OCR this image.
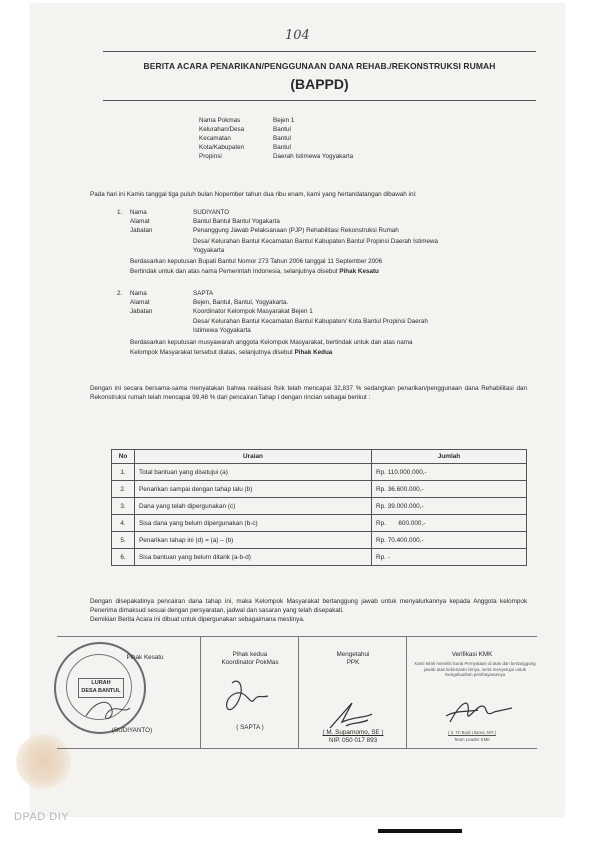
104
BERITA ACARA PENARIKAN/PENGGUNAAN DANA REHAB./REKONSTRUKSI RUMAH
(BAPPD)
Nama Pokmas	Bejen 1
Kelurahan/Desa	Bantul
Kecamatan	Bantul
Kota/Kabupaten	Bantul
Propinsi	Daerah Istimewa Yogyakarta
Pada hari ini Kamis tanggal tiga puluh bulan Nopember tahun dua ribu enam, kami yang hertandatangan dibawah ini:
1. Nama	SUDIYANTO
Alamat	Bantul Bantul Bantul Yogakarta
Jabatan	Penanggung Jawab Pelaksanaan (PJP) Rehabilitasi Rekonstruksi Rumah
Desa/ Kelurahan Bantul Kecamatan Bantul Kabupaten Bantul Propinsi Daerah Istimewa
Yogyakarta
Berdasarkan keputusan Bupati Bantul Nomor 273 Tahun 2006 tanggal 11 September 2006
Bertindak untuk dan atas nama Pemerintah Indonesia, selanjutnya disebut Pihak Kesatu
2. Nama	SAPTA
Alamat	Bejen, Bantul, Bantul, Yogyakarta.
Jabatan	Koordinator Kelompok Masyarakat Bejen 1
Desa/ Kelurahan Bantul Kecamatan Bantul Kabupaten/ Kota Bantul Propinsi Daerah
Istimewa Yogyakarta
Berdasarkan keputusan musyawarah anggota Kelompok Masyarakat, bertindak untuk dan atas nama
Kelompok Masyarakat tersebut diatas, selanjutnya disebut Pihak Kedua
Dengan ini secara bersama-sama menyatakan bahwa realisasi fisik telah mencapai 32,837 % sedangkan penarikan/penggunaan dana Rehabilitasi dan Rekonstruksi rumah telah mencapai 99,48 % dari pencairan Tahap I dengan rincian sebagai berikut :
No	Uraian	Jumlah
1.	Total bantuan yang disetujui (a)	Rp. 110.000.000,-
2.	Penarikan sampai dengan tahap lalu (b)	Rp. 36.600.000,-
3.	Dana yang telah dipergunakan (c)	Rp. 39.000.000,-
4.	Sisa dana yang belum dipergunakan (b-c)	Rp.       600.000,-
5.	Penarikan tahap ini (d) = (a) – (b)	Rp. 70.400.000,-
6.	Sisa bantuan yang belum ditarik (a-b-d)	Rp. -
Dengan disepakatinya pencairan dana tahap ini, maka Kelompok Masyarakat bertanggung jawab untuk menyalurkannya kepada Anggota kelompok Penerima dimaksud sesuai dengan persyaratan, jadwal dan sasaran yang telah disepakati.
Demikian Berita Acara ini dibuat untuk dipergunakan sebagaimana mestinya.
LURAH
DESA BANTUL
Pihak Kesatu
(SUDIYANTO)
Pihak kedua
Koordinator PokMas
( SAPTA )
Mengetahui
PPK
( M. Suparnomo, SE )
NIP. 050 017 893
Verifikasi KMK
Kami telah meneliti Surat Pernyataan di atas dan bertanggung jawab atas kebenaran isinya, serta menyetujui untuk mengeluarkan pembayarannya
( Ir. Tri Budi Utama, MT )
Team Leader KMK
DPAD DIY
